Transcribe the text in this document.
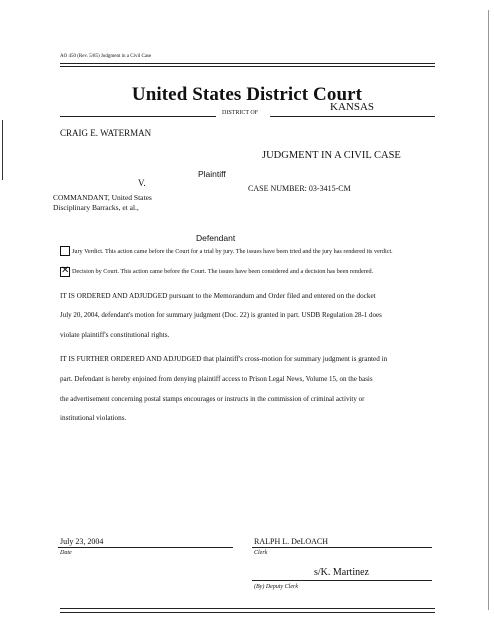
AO 450 (Rev. 5/85) Judgment in a Civil Case
United States District Court
DISTRICT OF	KANSAS
CRAIG E. WATERMAN
Plaintiff
V.
COMMANDANT, United States
Disciplinary Barracks, et al.,
Defendant
JUDGMENT IN A CIVIL CASE
CASE NUMBER: 03-3415-CM
Jury Verdict. This action came before the Court for a trial by jury. The issues have been tried and the jury has rendered its verdict.
✕ Decision by Court. This action came before the Court. The issues have been considered and a decision has been rendered.
IT IS ORDERED AND ADJUDGED pursuant to the Memorandum and Order filed and entered on the docket
July 20, 2004, defendant's motion for summary judgment (Doc. 22) is granted in part. USDB Regulation 28-1 does
violate plaintiff's constitutional rights.
IT IS FURTHER ORDERED AND ADJUDGED that plaintiff's cross-motion for summary judgment is granted in
part. Defendant is hereby enjoined from denying plaintiff access to Prison Legal News, Volume 15, on the basis
the advertisement concerning postal stamps encourages or instructs in the commission of criminal activity or
institutional violations.
July 23, 2004
Date
RALPH L. DeLOACH
Clerk
s/K. Martinez
(By) Deputy Clerk
